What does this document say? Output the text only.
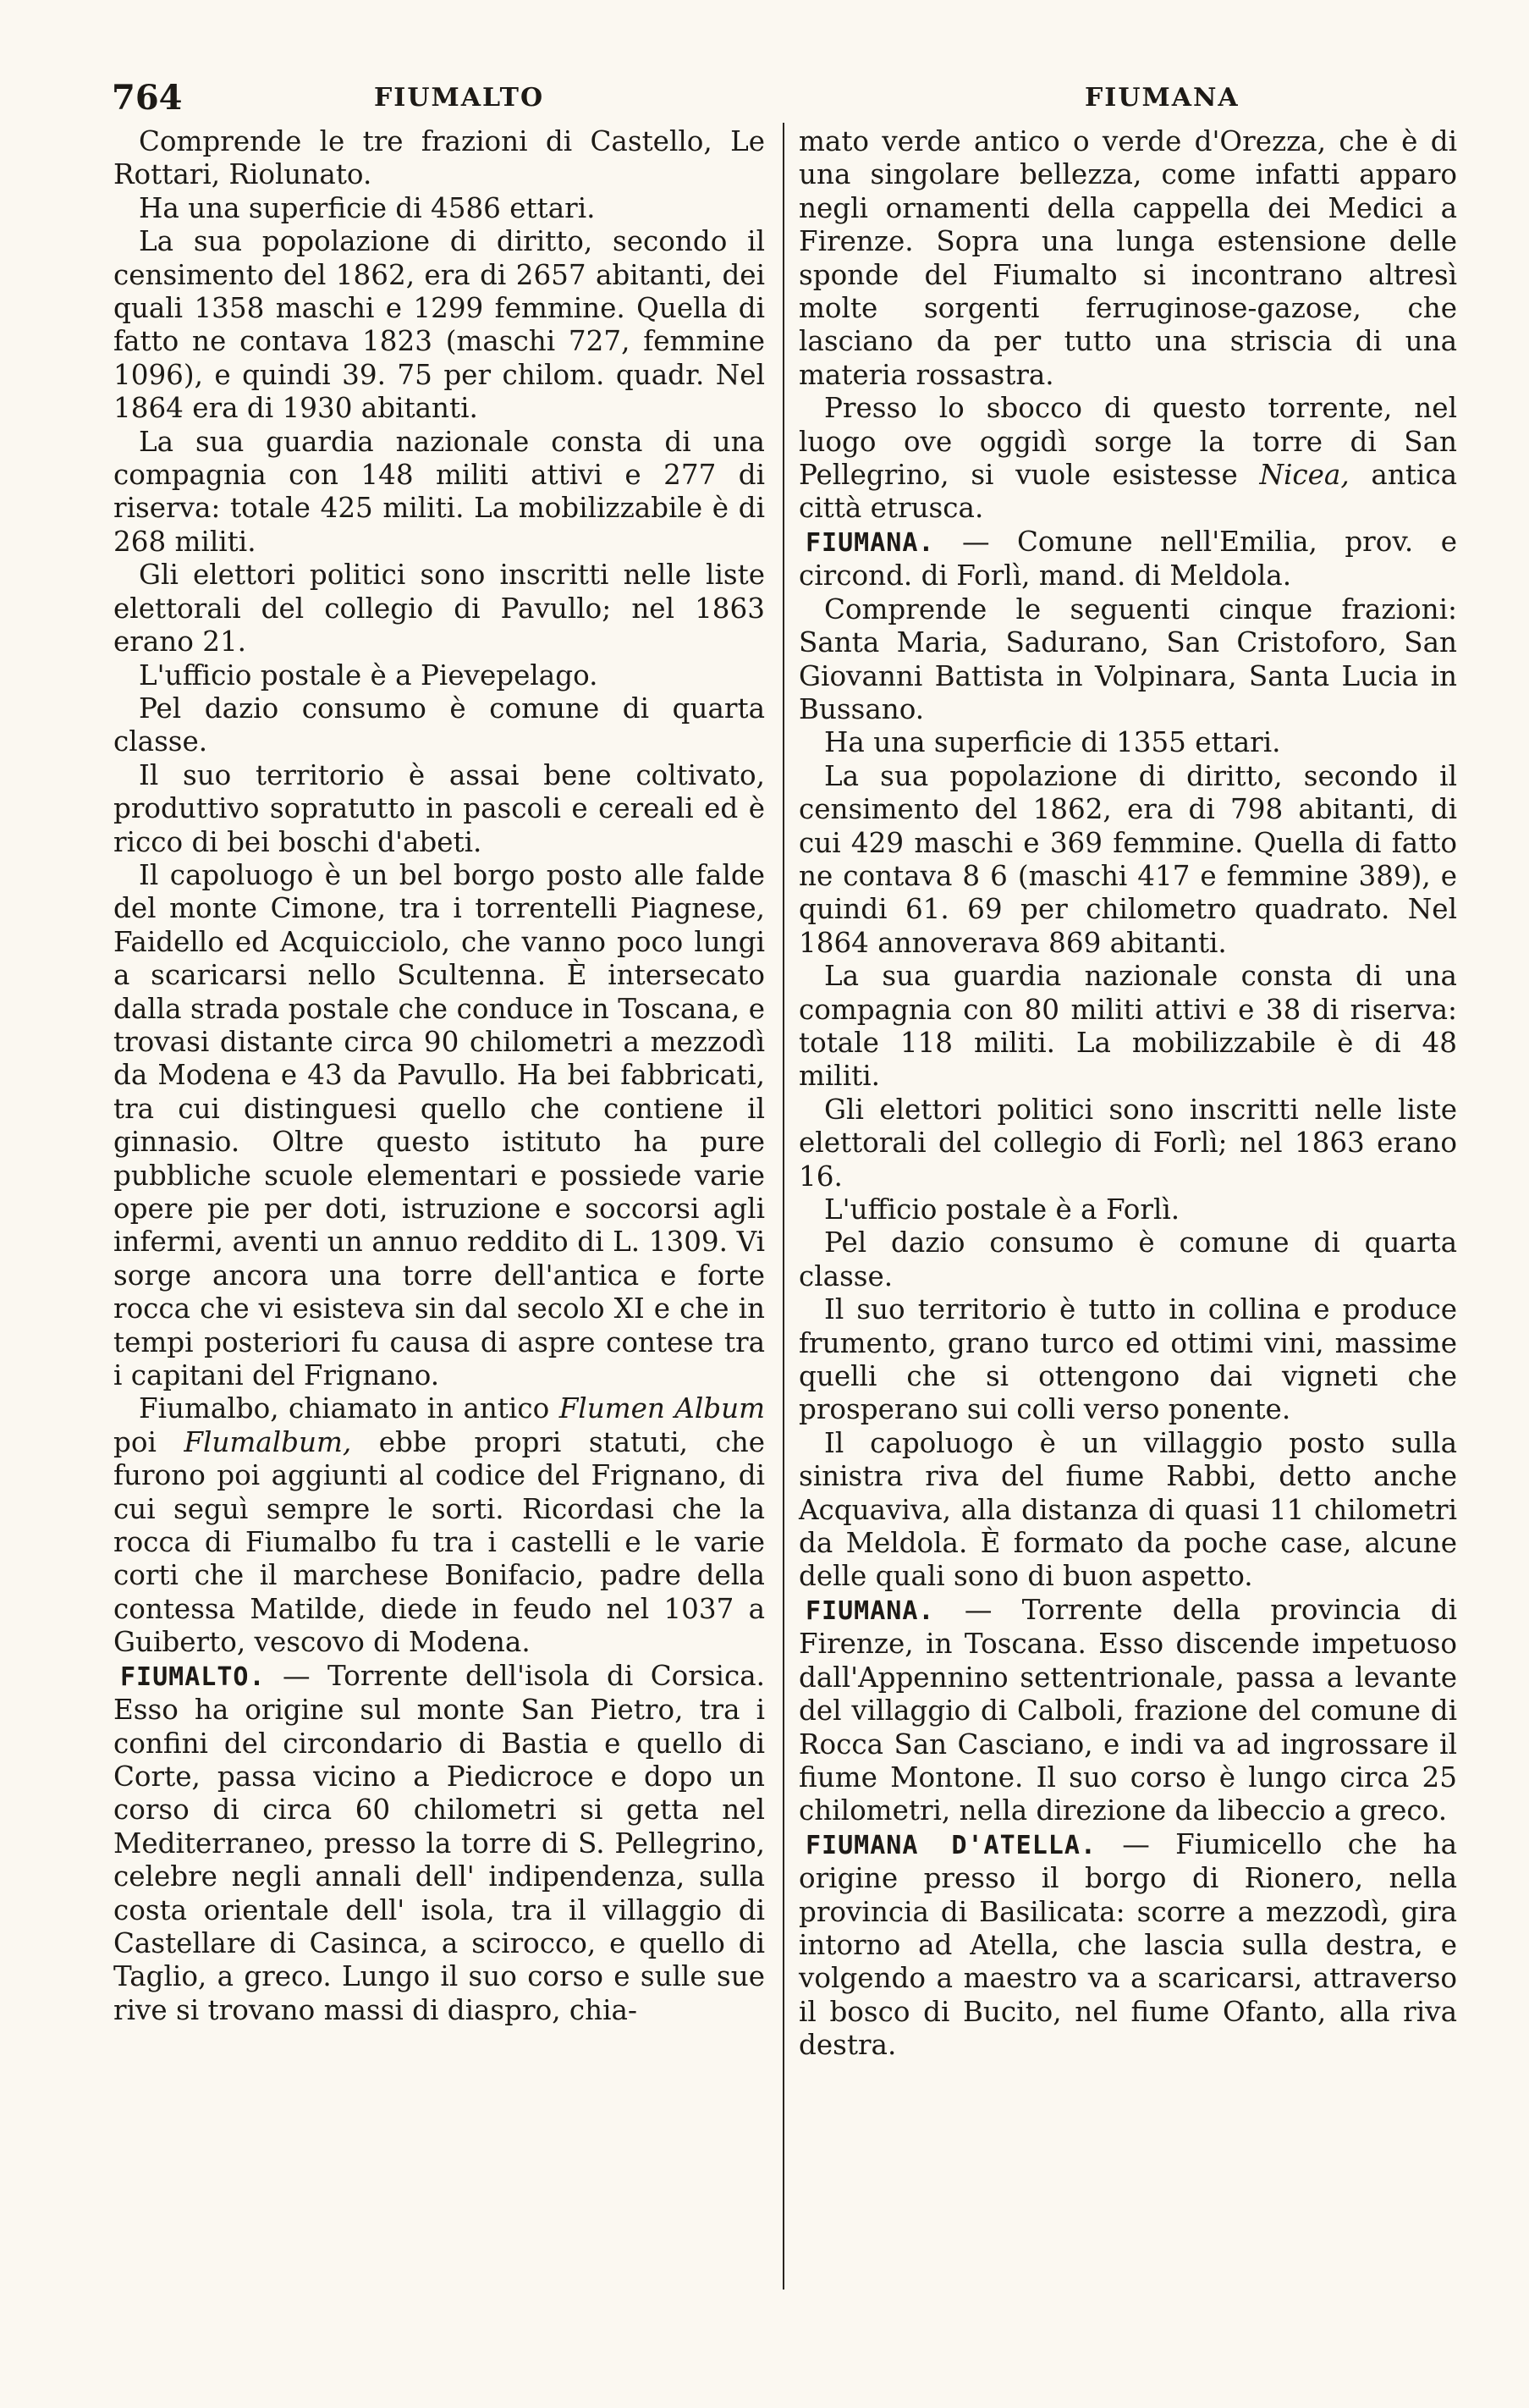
764	FIUMALTO	FIUMANA

Comprende le tre frazioni di Castello, Le Rottari, Riolunato.

Ha una superficie di 4586 ettari.

La sua popolazione di diritto, secondo il censimento del 1862, era di 2657 abitanti, dei quali 1358 maschi e 1299 femmine. Quella di fatto ne contava 1823 (maschi 727, femmine 1096), e quindi 39. 75 per chilom. quadr. Nel 1864 era di 1930 abitanti.

La sua guardia nazionale consta di una compagnia con 148 militi attivi e 277 di riserva: totale 425 militi. La mobilizzabile è di 268 militi.

Gli elettori politici sono inscritti nelle liste elettorali del collegio di Pavullo; nel 1863 erano 21.

L'ufficio postale è a Pievepelago.

Pel dazio consumo è comune di quarta classe.

Il suo territorio è assai bene coltivato, produttivo sopratutto in pascoli e cereali ed è ricco di bei boschi d'abeti.

Il capoluogo è un bel borgo posto alle falde del monte Cimone, tra i torrentelli Piagnese, Faidello ed Acquicciolo, che vanno poco lungi a scaricarsi nello Scultenna. È intersecato dalla strada postale che conduce in Toscana, e trovasi distante circa 90 chilometri a mezzodì da Modena e 43 da Pavullo. Ha bei fabbricati, tra cui distinguesi quello che contiene il ginnasio. Oltre questo istituto ha pure pubbliche scuole elementari e possiede varie opere pie per doti, istruzione e soccorsi agli infermi, aventi un annuo reddito di L. 1309. Vi sorge ancora una torre dell'antica e forte rocca che vi esisteva sin dal secolo XI e che in tempi posteriori fu causa di aspre contese tra i capitani del Frignano.

Fiumalbo, chiamato in antico Flumen Album poi Flumalbum, ebbe propri statuti, che furono poi aggiunti al codice del Frignano, di cui seguì sempre le sorti. Ricordasi che la rocca di Fiumalbo fu tra i castelli e le varie corti che il marchese Bonifacio, padre della contessa Matilde, diede in feudo nel 1037 a Guiberto, vescovo di Modena.

FIUMALTO. — Torrente dell'isola di Corsica. Esso ha origine sul monte San Pietro, tra i confini del circondario di Bastia e quello di Corte, passa vicino a Piedicroce e dopo un corso di circa 60 chilometri si getta nel Mediterraneo, presso la torre di S. Pellegrino, celebre negli annali dell' indipendenza, sulla costa orientale dell' isola, tra il villaggio di Castellare di Casinca, a scirocco, e quello di Taglio, a greco. Lungo il suo corso e sulle sue rive si trovano massi di diaspro, chia-

mato verde antico o verde d'Orezza, che è di una singolare bellezza, come infatti apparo negli ornamenti della cappella dei Medici a Firenze. Sopra una lunga estensione delle sponde del Fiumalto si incontrano altresì molte sorgenti ferruginose-gazose, che lasciano da per tutto una striscia di una materia rossastra.

Presso lo sbocco di questo torrente, nel luogo ove oggidì sorge la torre di San Pellegrino, si vuole esistesse Nicea, antica città etrusca.

FIUMANA. — Comune nell'Emilia, prov. e circond. di Forlì, mand. di Meldola.

Comprende le seguenti cinque frazioni: Santa Maria, Sadurano, San Cristoforo, San Giovanni Battista in Volpinara, Santa Lucia in Bussano.

Ha una superficie di 1355 ettari.

La sua popolazione di diritto, secondo il censimento del 1862, era di 798 abitanti, di cui 429 maschi e 369 femmine. Quella di fatto ne contava 8 6 (maschi 417 e femmine 389), e quindi 61. 69 per chilometro quadrato. Nel 1864 annoverava 869 abitanti.

La sua guardia nazionale consta di una compagnia con 80 militi attivi e 38 di riserva: totale 118 militi. La mobilizzabile è di 48 militi.

Gli elettori politici sono inscritti nelle liste elettorali del collegio di Forlì; nel 1863 erano 16.

L'ufficio postale è a Forlì.

Pel dazio consumo è comune di quarta classe.

Il suo territorio è tutto in collina e produce frumento, grano turco ed ottimi vini, massime quelli che si ottengono dai vigneti che prosperano sui colli verso ponente.

Il capoluogo è un villaggio posto sulla sinistra riva del fiume Rabbi, detto anche Acquaviva, alla distanza di quasi 11 chilometri da Meldola. È formato da poche case, alcune delle quali sono di buon aspetto.

FIUMANA. — Torrente della provincia di Firenze, in Toscana. Esso discende impetuoso dall'Appennino settentrionale, passa a levante del villaggio di Calboli, frazione del comune di Rocca San Casciano, e indi va ad ingrossare il fiume Montone. Il suo corso è lungo circa 25 chilometri, nella direzione da libeccio a greco.

FIUMANA D'ATELLA. — Fiumicello che ha origine presso il borgo di Rionero, nella provincia di Basilicata: scorre a mezzodì, gira intorno ad Atella, che lascia sulla destra, e volgendo a maestro va a scaricarsi, attraverso il bosco di Bucito, nel fiume Ofanto, alla riva destra.
